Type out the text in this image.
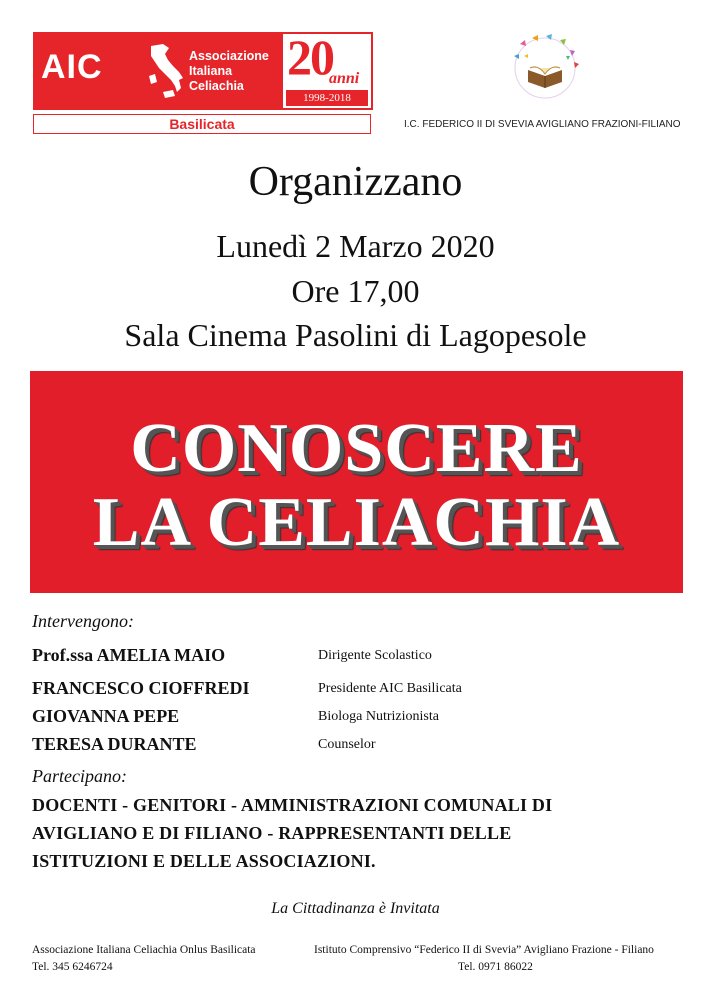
AIC	Associazione
Italiana
Celiachia
20
anni
1998-2018
Basilicata	I.C. FEDERICO II DI SVEVIA AVIGLIANO FRAZIONI-FILIANO
Organizzano
Lunedì 2 Marzo 2020
Ore 17,00
Sala Cinema Pasolini di Lagopesole
CONOSCERE
LA CELIACHIA
Intervengono:
Prof.ssa AMELIA MAIO	Dirigente Scolastico
FRANCESCO CIOFFREDI	Presidente AIC Basilicata
GIOVANNA PEPE	Biologa Nutrizionista
TERESA DURANTE	Counselor
Partecipano:
DOCENTI - GENITORI - AMMINISTRAZIONI COMUNALI DI
AVIGLIANO E DI FILIANO - RAPPRESENTANTI DELLE
ISTITUZIONI E DELLE ASSOCIAZIONI.
La Cittadinanza è Invitata
Associazione Italiana Celiachia Onlus Basilicata
Tel. 345 6246724
Istituto Comprensivo “Federico II di Svevia” Avigliano Frazione - Filiano
Tel. 0971 86022
